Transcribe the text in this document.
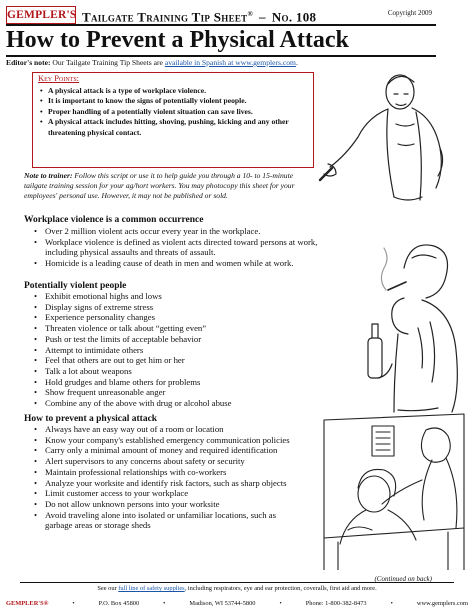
GEMPLER'S Tailgate Training Tip Sheet® – No. 108	Copyright 2009
How to Prevent a Physical Attack
Editor's note: Our Tailgate Training Tip Sheets are available in Spanish at www.gemplers.com.
Key Points:
• A physical attack is a type of workplace violence.
• It is important to know the signs of potentially violent people.
• Proper handling of a potentially violent situation can save lives.
• A physical attack includes hitting, shoving, pushing, kicking and any other threatening physical contact.
Note to trainer: Follow this script or use it to help guide you through a 10- to 15-minute tailgate training session for your ag/hort workers. You may photocopy this sheet for your employees' personal use. However, it may not be published or sold.
Workplace violence is a common occurrence
• Over 2 million violent acts occur every year in the workplace.
• Workplace violence is defined as violent acts directed toward persons at work, including physical assaults and threats of assault.
• Homicide is a leading cause of death in men and women while at work.
Potentially violent people
• Exhibit emotional highs and lows
• Display signs of extreme stress
• Experience personality changes
• Threaten violence or talk about “getting even”
• Push or test the limits of acceptable behavior
• Attempt to intimidate others
• Feel that others are out to get him or her
• Talk a lot about weapons
• Hold grudges and blame others for problems
• Show frequent unreasonable anger
• Combine any of the above with drug or alcohol abuse
How to prevent a physical attack
• Always have an easy way out of a room or location
• Know your company's established emergency communication policies
• Carry only a minimal amount of money and required identification
• Alert supervisors to any concerns about safety or security
• Maintain professional relationships with co-workers
• Analyze your worksite and identify risk factors, such as sharp objects
• Limit customer access to your workplace
• Do not allow unknown persons into your worksite
• Avoid traveling alone into isolated or unfamiliar locations, such as garbage areas or storage sheds
(Continued on back)
See our full line of safety supplies, including respirators, eye and ear protection, coveralls, first aid and more.
GEMPLER'S®	•	P.O. Box 45800	•	Madison, WI 53744-5800	•	Phone: 1-800-382-8473	•	www.gemplers.com
